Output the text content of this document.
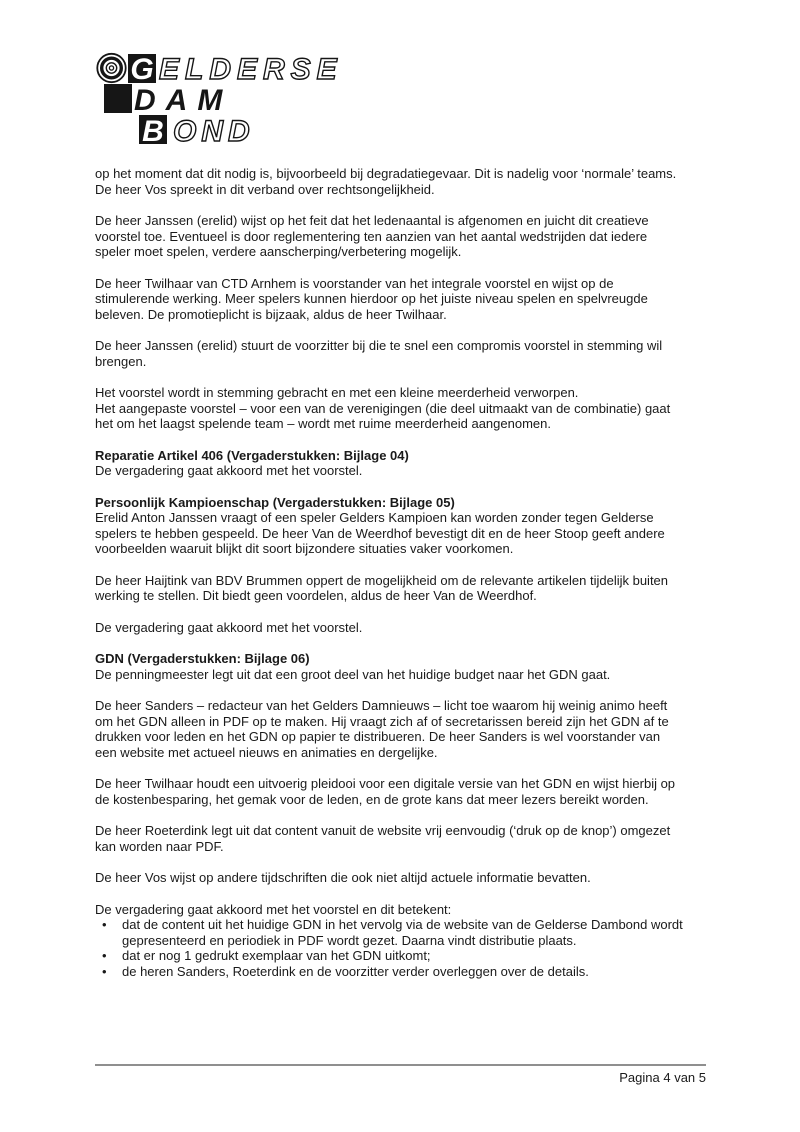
G ELDERSE
DAM
B OND

op het moment dat dit nodig is, bijvoorbeeld bij degradatiegevaar. Dit is nadelig voor ‘normale’ teams.
De heer Vos spreekt in dit verband over rechtsongelijkheid.

De heer Janssen (erelid) wijst op het feit dat het ledenaantal is afgenomen en juicht dit creatieve
voorstel toe. Eventueel is door reglementering ten aanzien van het aantal wedstrijden dat iedere
speler moet spelen, verdere aanscherping/verbetering mogelijk.

De heer Twilhaar van CTD Arnhem is voorstander van het integrale voorstel en wijst op de
stimulerende werking. Meer spelers kunnen hierdoor op het juiste niveau spelen en spelvreugde
beleven. De promotieplicht is bijzaak, aldus de heer Twilhaar.

De heer Janssen (erelid) stuurt de voorzitter bij die te snel een compromis voorstel in stemming wil
brengen.

Het voorstel wordt in stemming gebracht en met een kleine meerderheid verworpen.
Het aangepaste voorstel – voor een van de verenigingen (die deel uitmaakt van de combinatie) gaat
het om het laagst spelende team – wordt met ruime meerderheid aangenomen.

Reparatie Artikel 406 (Vergaderstukken: Bijlage 04)

De vergadering gaat akkoord met het voorstel.

Persoonlijk Kampioenschap (Vergaderstukken: Bijlage 05)

Erelid Anton Janssen vraagt of een speler Gelders Kampioen kan worden zonder tegen Gelderse
spelers te hebben gespeeld. De heer Van de Weerdhof bevestigt dit en de heer Stoop geeft andere
voorbeelden waaruit blijkt dit soort bijzondere situaties vaker voorkomen.

De heer Haijtink van BDV Brummen oppert de mogelijkheid om de relevante artikelen tijdelijk buiten
werking te stellen. Dit biedt geen voordelen, aldus de heer Van de Weerdhof.

De vergadering gaat akkoord met het voorstel.

GDN (Vergaderstukken: Bijlage 06)

De penningmeester legt uit dat een groot deel van het huidige budget naar het GDN gaat.

De heer Sanders – redacteur van het Gelders Damnieuws – licht toe waarom hij weinig animo heeft
om het GDN alleen in PDF op te maken. Hij vraagt zich af of secretarissen bereid zijn het GDN af te
drukken voor leden en het GDN op papier te distribueren. De heer Sanders is wel voorstander van
een website met actueel nieuws en animaties en dergelijke.

De heer Twilhaar houdt een uitvoerig pleidooi voor een digitale versie van het GDN en wijst hierbij op
de kostenbesparing, het gemak voor de leden, en de grote kans dat meer lezers bereikt worden.

De heer Roeterdink legt uit dat content vanuit de website vrij eenvoudig (‘druk op de knop’) omgezet
kan worden naar PDF.

De heer Vos wijst op andere tijdschriften die ook niet altijd actuele informatie bevatten.

De vergadering gaat akkoord met het voorstel en dit betekent:

• dat de content uit het huidige GDN in het vervolg via de website van de Gelderse Dambond wordt
gepresenteerd en periodiek in PDF wordt gezet. Daarna vindt distributie plaats.
• dat er nog 1 gedrukt exemplaar van het GDN uitkomt;
• de heren Sanders, Roeterdink en de voorzitter verder overleggen over de details.
Pagina 4 van 5
